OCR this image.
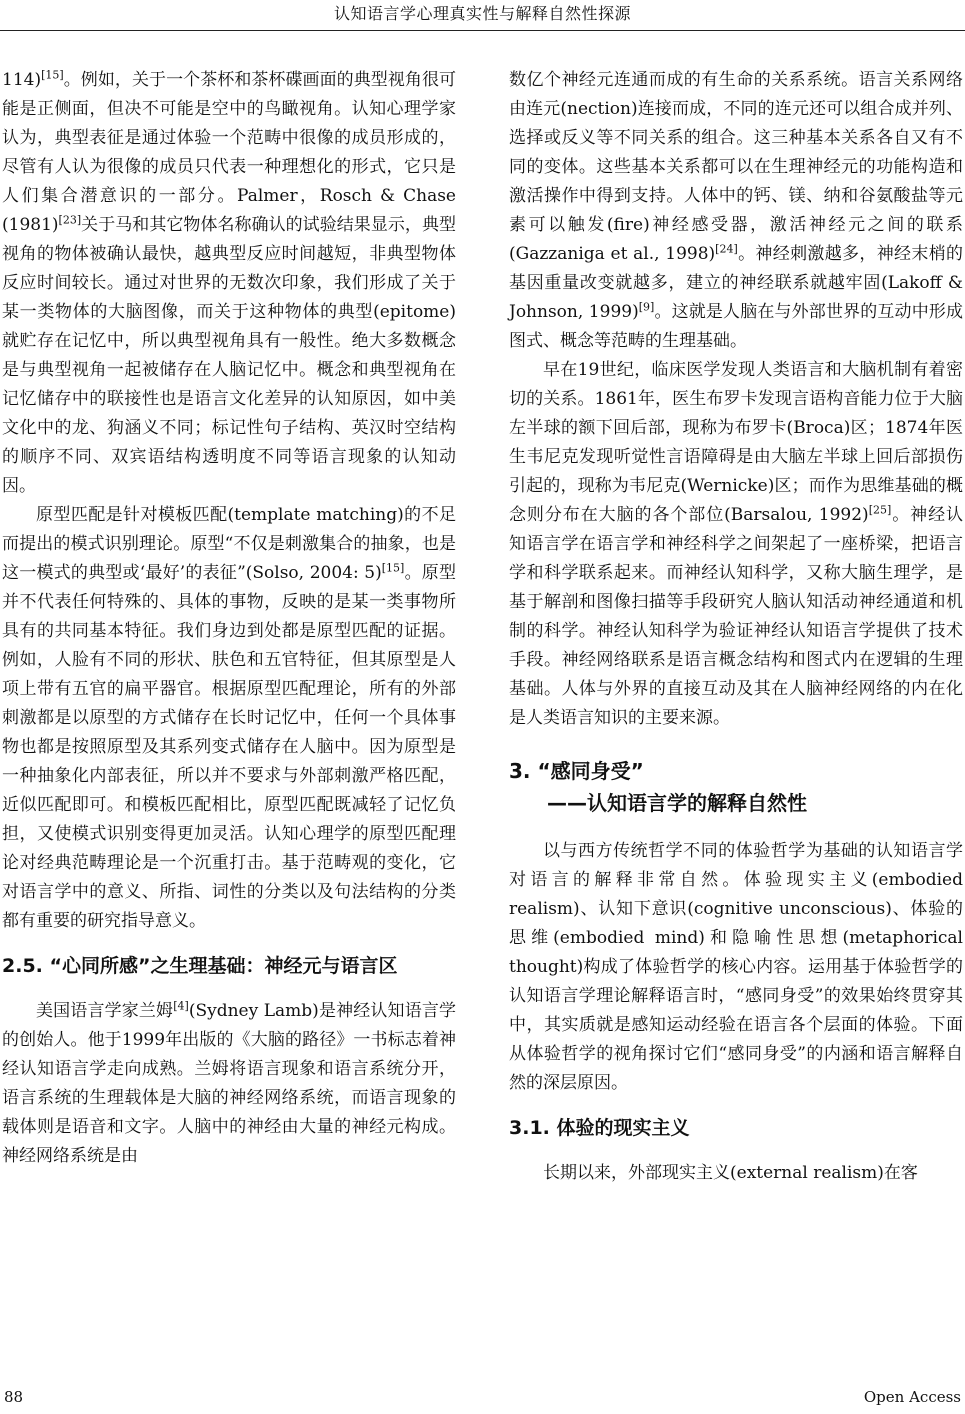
认知语言学心理真实性与解释自然性探源

114)[15]。例如，关于一个茶杯和茶杯碟画面的典型视角很可能是正侧面，但决不可能是空中的鸟瞰视角。认知心理学家认为，典型表征是通过体验一个范畴中很像的成员形成的，尽管有人认为很像的成员只代表一种理想化的形式，它只是人们集合潜意识的一部分。Palmer，Rosch & Chase (1981)[23]关于马和其它物体名称确认的试验结果显示，典型视角的物体被确认最快，越典型反应时间越短，非典型物体反应时间较长。通过对世界的无数次印象，我们形成了关于某一类物体的大脑图像，而关于这种物体的典型(epitome)就贮存在记忆中，所以典型视角具有一般性。绝大多数概念是与典型视角一起被储存在人脑记忆中。概念和典型视角在记忆储存中的联接性也是语言文化差异的认知原因，如中美文化中的龙、狗涵义不同；标记性句子结构、英汉时空结构的顺序不同、双宾语结构透明度不同等语言现象的认知动因。

原型匹配是针对模板匹配(template matching)的不足而提出的模式识别理论。原型“不仅是刺激集合的抽象，也是这一模式的典型或‘最好’的表征”(Solso, 2004: 5)[15]。原型并不代表任何特殊的、具体的事物，反映的是某一类事物所具有的共同基本特征。我们身边到处都是原型匹配的证据。例如，人脸有不同的形状、肤色和五官特征，但其原型是人项上带有五官的扁平器官。根据原型匹配理论，所有的外部刺激都是以原型的方式储存在长时记忆中，任何一个具体事物也都是按照原型及其系列变式储存在人脑中。因为原型是一种抽象化内部表征，所以并不要求与外部刺激严格匹配，近似匹配即可。和模板匹配相比，原型匹配既减轻了记忆负担，又使模式识别变得更加灵活。认知心理学的原型匹配理论对经典范畴理论是一个沉重打击。基于范畴观的变化，它对语言学中的意义、所指、词性的分类以及句法结构的分类都有重要的研究指导意义。

2.5. “心同所感”之生理基础：神经元与语言区

美国语言学家兰姆[4](Sydney Lamb)是神经认知语言学的创始人。他于1999年出版的《大脑的路径》一书标志着神经认知语言学走向成熟。兰姆将语言现象和语言系统分开，语言系统的生理载体是大脑的神经网络系统，而语言现象的载体则是语音和文字。人脑中的神经由大量的神经元构成。神经网络系统是由

数亿个神经元连通而成的有生命的关系系统。语言关系网络由连元(nection)连接而成，不同的连元还可以组合成并列、选择或反义等不同关系的组合。这三种基本关系各自又有不同的变体。这些基本关系都可以在生理神经元的功能构造和激活操作中得到支持。人体中的钙、镁、纳和谷氨酸盐等元素可以触发(fire)神经感受器，激活神经元之间的联系(Gazzaniga et al., 1998)[24]。神经刺激越多，神经末梢的基因重量改变就越多，建立的神经联系就越牢固(Lakoff & Johnson, 1999)[9]。这就是人脑在与外部世界的互动中形成图式、概念等范畴的生理基础。

早在19世纪，临床医学发现人类语言和大脑机制有着密切的关系。1861年，医生布罗卡发现言语构音能力位于大脑左半球的额下回后部，现称为布罗卡(Broca)区；1874年医生韦尼克发现听觉性言语障碍是由大脑左半球上回后部损伤引起的，现称为韦尼克(Wernicke)区；而作为思维基础的概念则分布在大脑的各个部位(Barsalou, 1992)[25]。神经认知语言学在语言学和神经科学之间架起了一座桥梁，把语言学和科学联系起来。而神经认知科学，又称大脑生理学，是基于解剖和图像扫描等手段研究人脑认知活动神经通道和机制的科学。神经认知科学为验证神经认知语言学提供了技术手段。神经网络联系是语言概念结构和图式内在逻辑的生理基础。人体与外界的直接互动及其在人脑神经网络的内在化是人类语言知识的主要来源。

3. “感同身受”
——认知语言学的解释自然性

以与西方传统哲学不同的体验哲学为基础的认知语言学对语言的解释非常自然。体验现实主义(embodied realism)、认知下意识(cognitive unconscious)、体验的思维(embodied mind)和隐喻性思想(metaphorical thought)构成了体验哲学的核心内容。运用基于体验哲学的认知语言学理论解释语言时，“感同身受”的效果始终贯穿其中，其实质就是感知运动经验在语言各个层面的体验。下面从体验哲学的视角探讨它们“感同身受”的内涵和语言解释自然的深层原因。

3.1. 体验的现实主义

长期以来，外部现实主义(external realism)在客

88	Open Access
